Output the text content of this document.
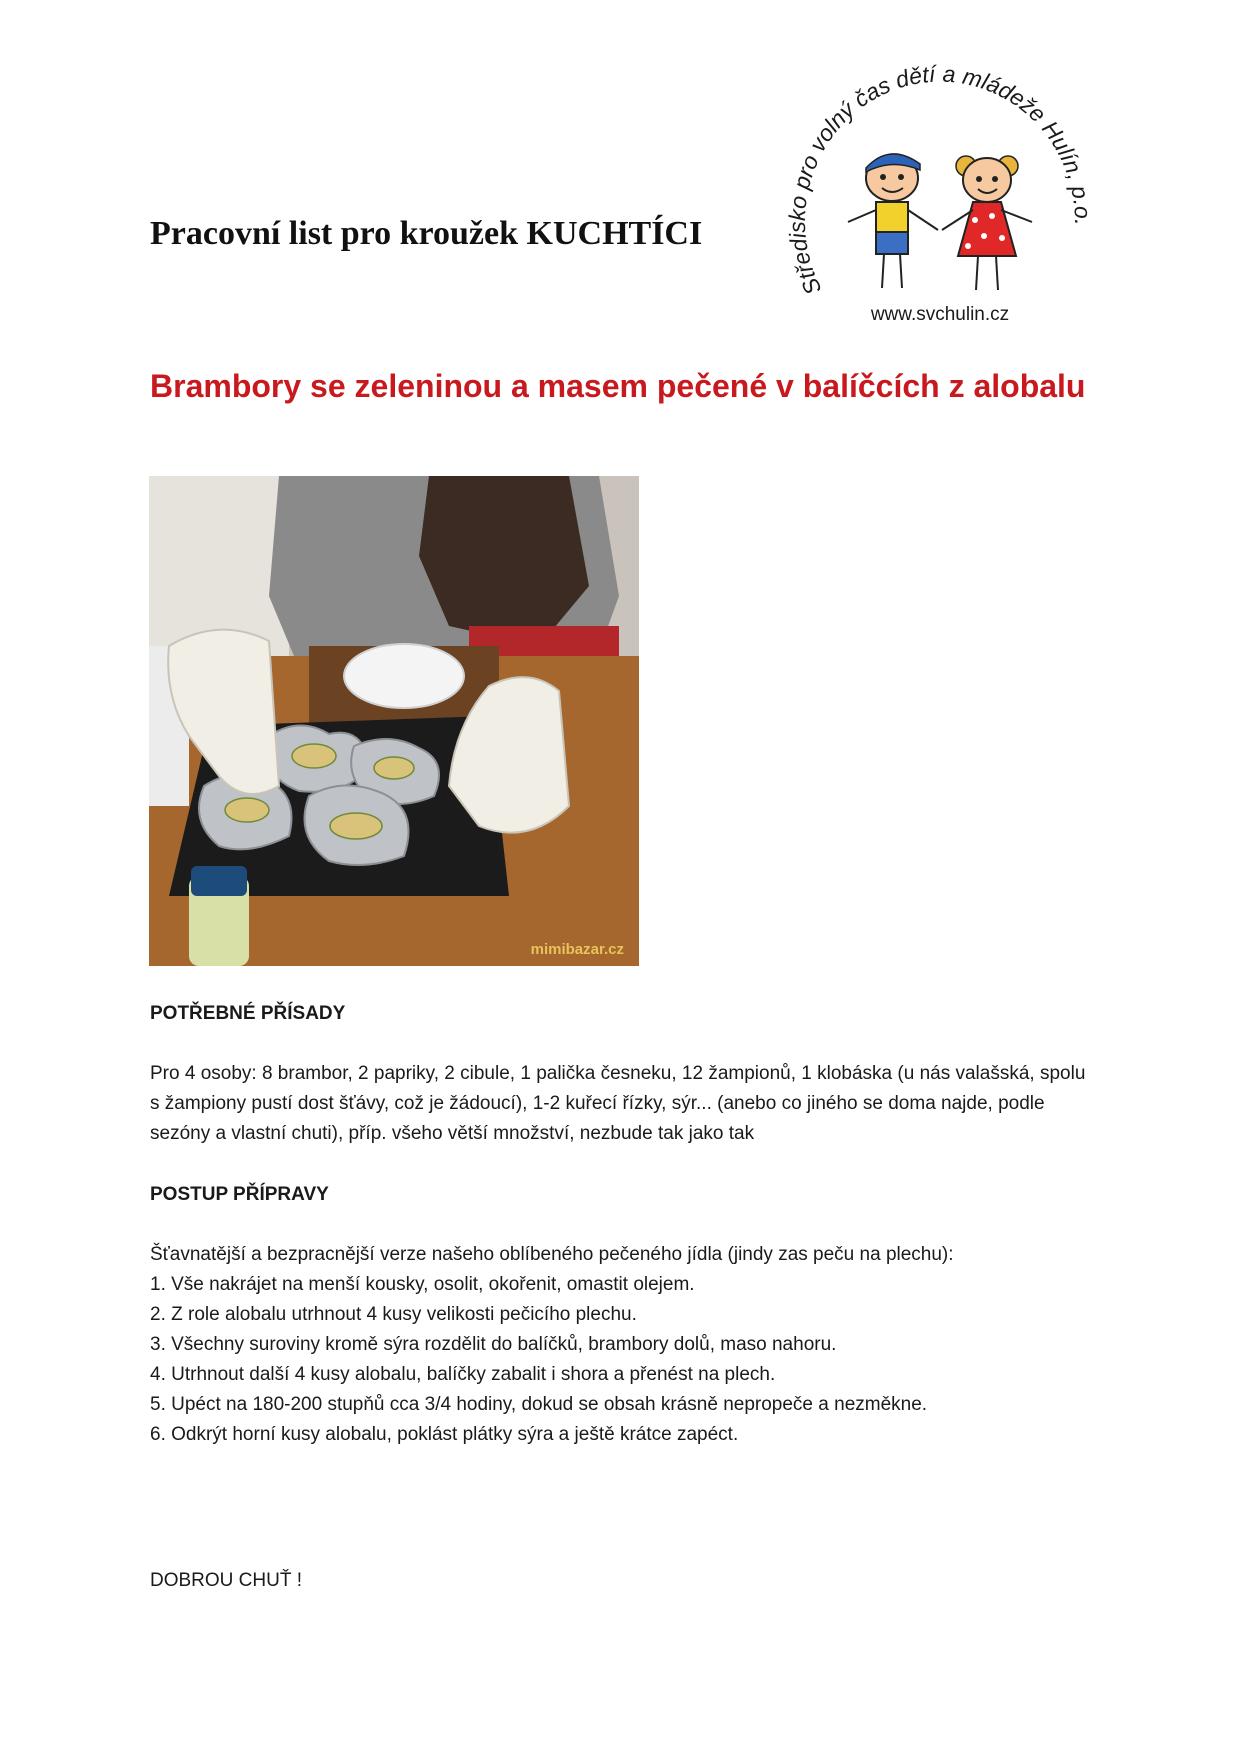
Pracovní list pro kroužek KUCHTÍCI
Středisko pro volný čas dětí a mládeže Hulín, p.o.
www.svchulin.cz
Brambory se zeleninou a masem pečené v balíčcích z alobalu
mimibazar.cz
POTŘEBNÉ PŘÍSADY

Pro 4 osoby: 8 brambor, 2 papriky, 2 cibule, 1 palička česneku, 12 žampionů, 1 klobáska (u nás valašská, spolu s žampiony pustí dost šťávy, což je žádoucí), 1-2 kuřecí řízky, sýr... (anebo co jiného se doma najde, podle sezóny a vlastní chuti), příp. všeho větší množství, nezbude tak jako tak

POSTUP PŘÍPRAVY
Šťavnatější a bezpracnější verze našeho oblíbeného pečeného jídla (jindy zas peču na plechu):
1. Vše nakrájet na menší kousky, osolit, okořenit, omastit olejem.
2. Z role alobalu utrhnout 4 kusy velikosti pečicího plechu.
3. Všechny suroviny kromě sýra rozdělit do balíčků, brambory dolů, maso nahoru.
4. Utrhnout další 4 kusy alobalu, balíčky zabalit i shora a přenést na plech.
5. Upéct na 180-200 stupňů cca 3/4 hodiny, dokud se obsah krásně nepropeče a nezměkne.
6. Odkrýt horní kusy alobalu, poklást plátky sýra a ještě krátce zapéct.

DOBROU CHUŤ !
